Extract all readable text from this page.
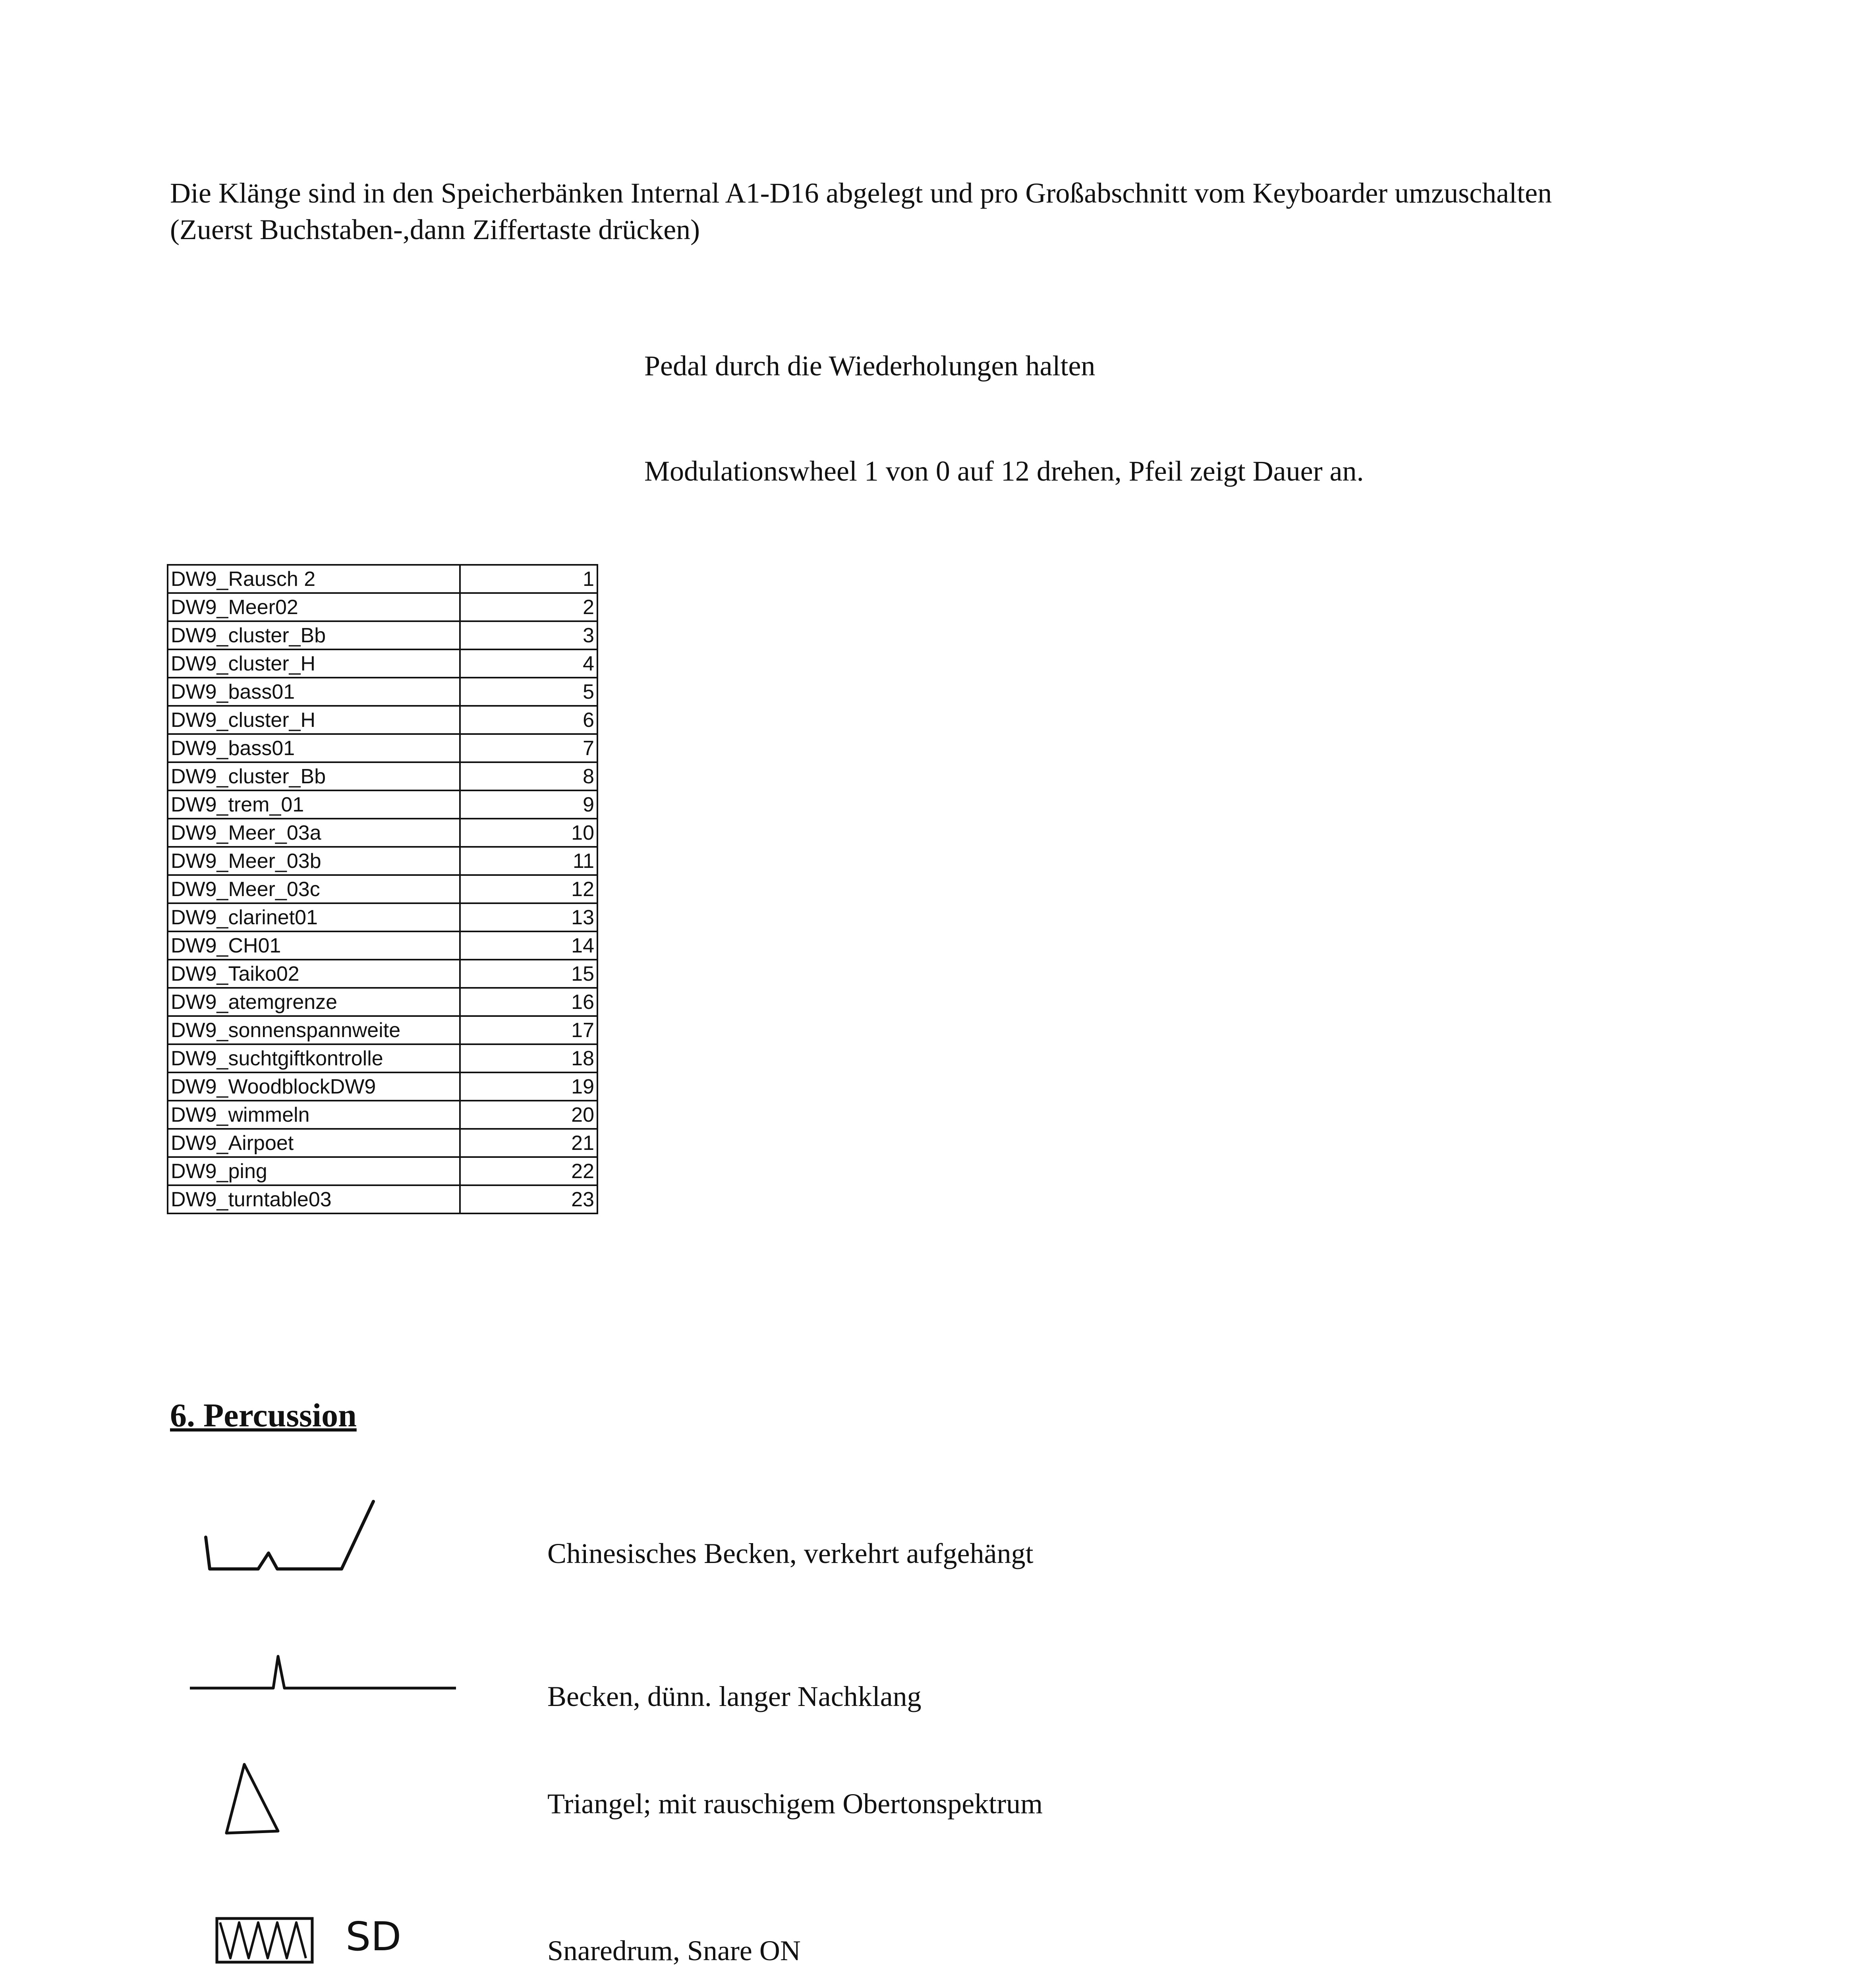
Die Klänge sind in den Speicherbänken Internal A1-D16 abgelegt und pro Großabschnitt vom Keyboarder umzuschalten
(Zuerst Buchstaben-,dann Ziffertaste drücken)
Pedal durch die Wiederholungen halten
Modulationswheel 1 von 0 auf 12 drehen, Pfeil zeigt Dauer an.
DW9_Rausch 2	1
DW9_Meer02	2
DW9_cluster_Bb	3
DW9_cluster_H	4
DW9_bass01	5
DW9_cluster_H	6
DW9_bass01	7
DW9_cluster_Bb	8
DW9_trem_01	9
DW9_Meer_03a	10
DW9_Meer_03b	11
DW9_Meer_03c	12
DW9_clarinet01	13
DW9_CH01	14
DW9_Taiko02	15
DW9_atemgrenze	16
DW9_sonnenspannweite	17
DW9_suchtgiftkontrolle	18
DW9_WoodblockDW9	19
DW9_wimmeln	20
DW9_Airpoet	21
DW9_ping	22
DW9_turntable03	23
6. Percussion
SD
Chinesisches Becken, verkehrt aufgehängt
Becken, dünn. langer Nachklang
Triangel; mit rauschigem Obertonspektrum
Snaredrum, Snare ON
